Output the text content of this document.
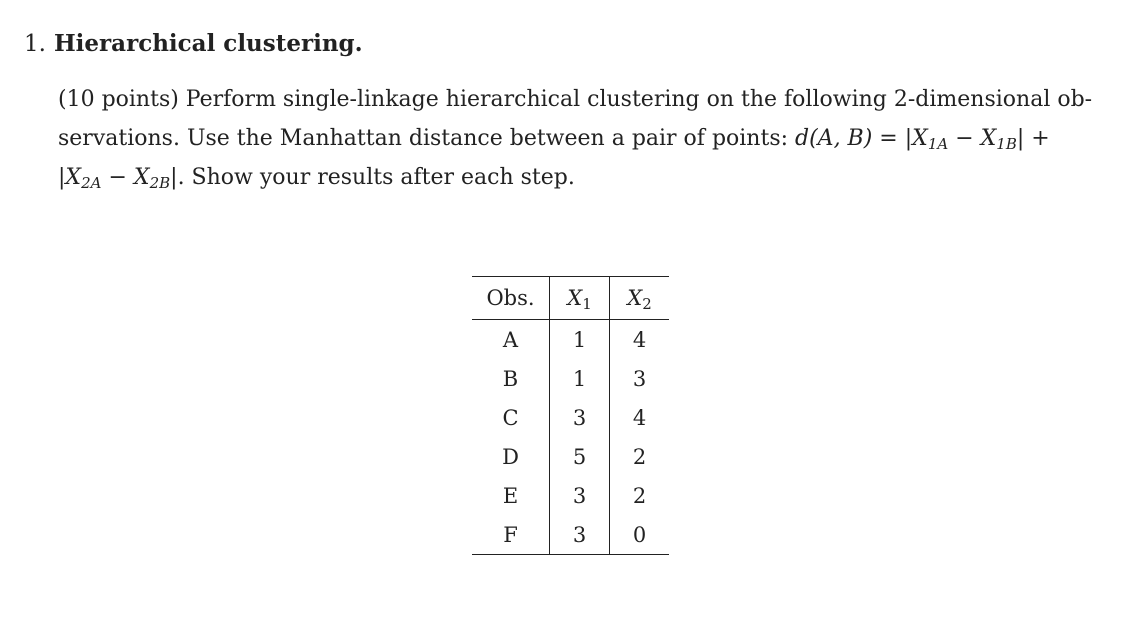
1. Hierarchical clustering.
(10 points) Perform single-linkage hierarchical clustering on the following 2-dimensional ob-
servations. Use the Manhattan distance between a pair of points: d(A, $B) = |X_{1A} - X_{1B}|$ +
$|X_{2A} - X_{2B}|$. Show your results after each step.
Obs.	$X_1$	$X_2$
A	1	4
B	1	3
C	3	4
D	5	2
E	3	2
F	3	0
